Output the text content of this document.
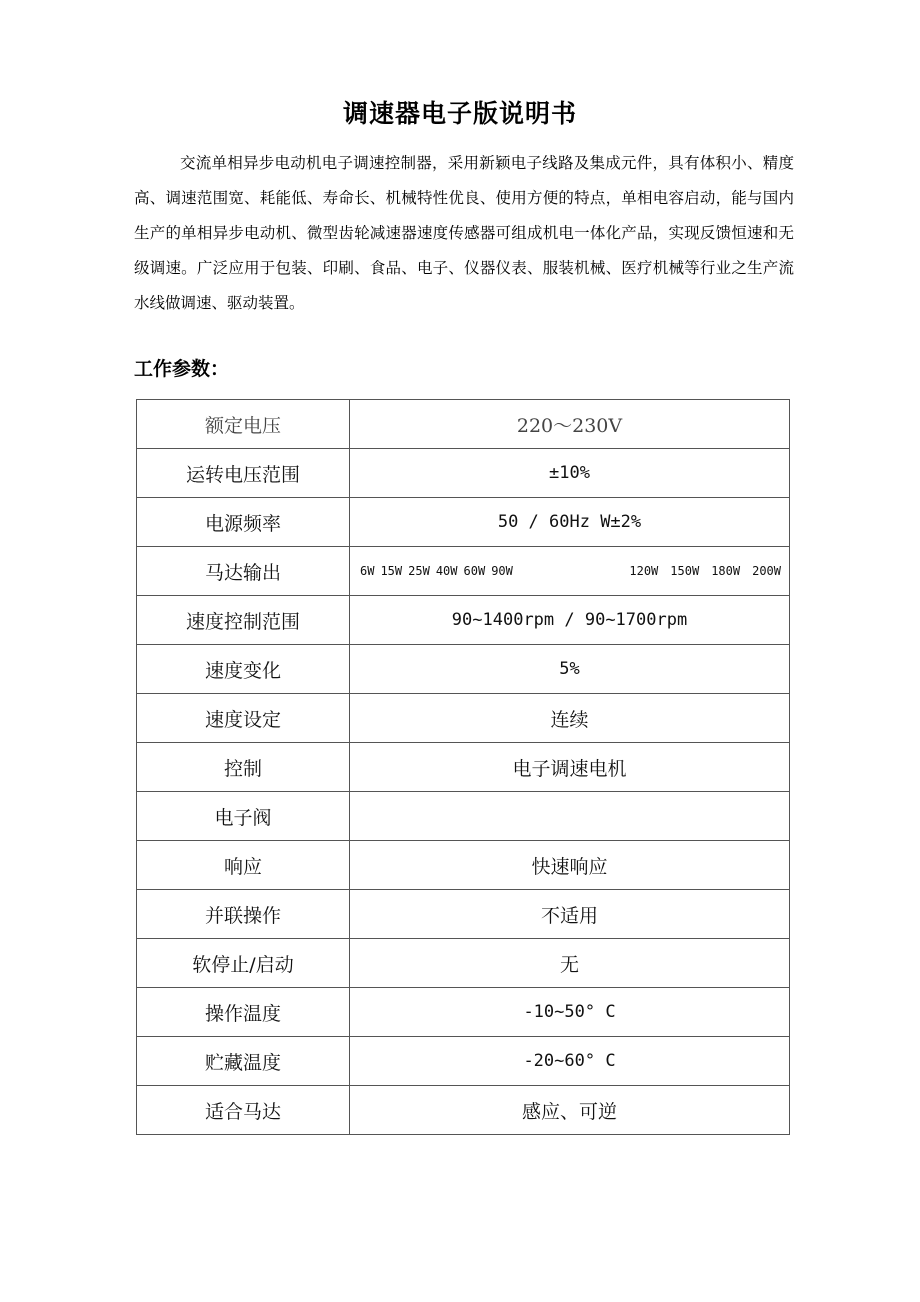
调速器电子版说明书

交流单相异步电动机电子调速控制器，采用新颖电子线路及集成元件，具有体积小、精度高、调速范围宽、耗能低、寿命长、机械特性优良、使用方便的特点，单相电容启动，能与国内生产的单相异步电动机、微型齿轮减速器速度传感器可组成机电一体化产品，实现反馈恒速和无级调速。广泛应用于包装、印刷、食品、电子、仪器仪表、服装机械、医疗机械等行业之生产流水线做调速、驱动装置。

工作参数：
额定电压	220〜230V
运转电压范围	±10%
电源频率	50 / 60Hz W±2%
马达输出	6W 15W 25W 40W 60W 90W 120W 150W 180W 200W

速度控制范围	90~1400rpm / 90~1700rpm
速度变化	5%
速度设定	连续
控制	电子调速电机
电子阀	
响应	快速响应
并联操作	不适用
软停止/启动	无
操作温度	-10~50° C
贮藏温度	-20~60° C
适合马达	感应、可逆
